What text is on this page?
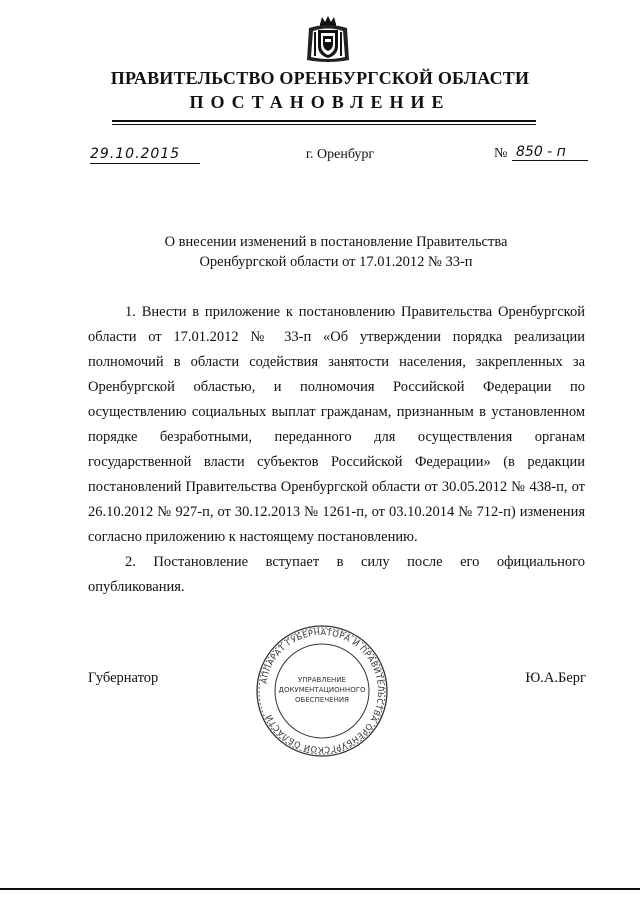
ПРАВИТЕЛЬСТВО ОРЕНБУРГСКОЙ ОБЛАСТИ
ПОСТАНОВЛЕНИЕ
29.10.2015	г. Оренбург	№ 850 - п
О внесении изменений в постановление Правительства
Оренбургской области от 17.01.2012 № 33-п

1. Внести в приложение к постановлению Правительства Оренбургской области от 17.01.2012 № 33-п «Об утверждении порядка реализации полномочий в области содействия занятости населения, закрепленных за Оренбургской областью, и полномочия Российской Федерации по осуществлению социальных выплат гражданам, признанным в установленном порядке безработными, переданного для осуществления органам государственной власти субъектов Российской Федерации» (в редакции постановлений Правительства Оренбургской области от 30.05.2012 № 438-п, от 26.10.2012 № 927-п, от 30.12.2013 № 1261-п, от 03.10.2014 № 712-п) изменения согласно приложению к настоящему постановлению.

2. Постановление вступает в силу после его официального опубликования.

Губернатор	Ю.А.Берг
АППАРАТ ГУБЕРНАТОРА И ПРАВИТЕЛЬСТВА ОРЕНБУРГСКОЙ ОБЛАСТИ
УПРАВЛЕНИЕ
ДОКУМЕНТАЦИОННОГО
ОБЕСПЕЧЕНИЯ
